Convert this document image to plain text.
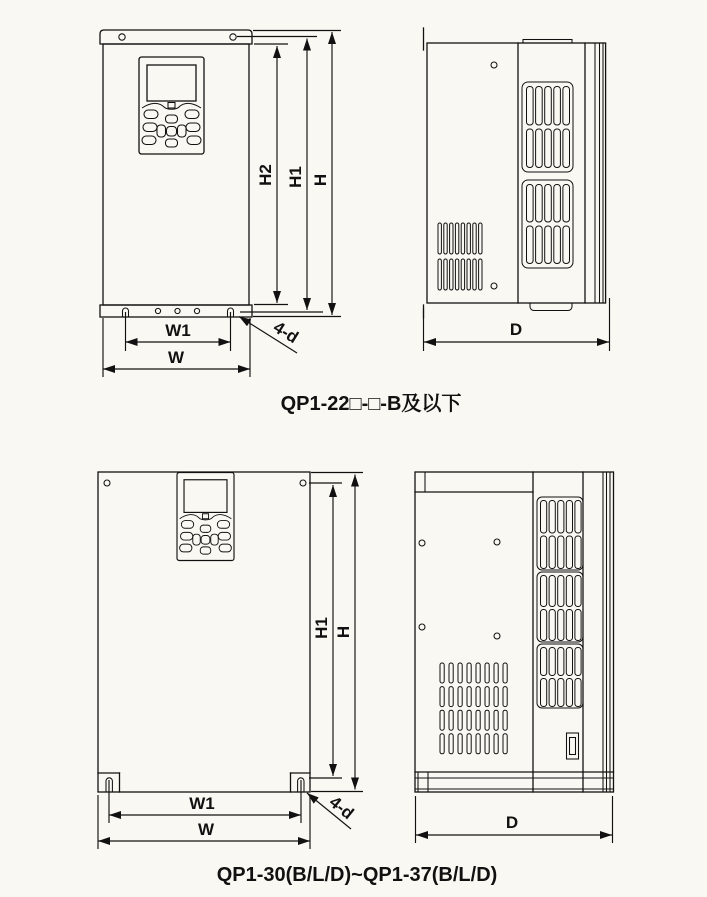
H2 H1 H
W1
W
4-d	D
QP1-22□-□-B及以下
H1 H
W1
W
4-d	D
QP1-30(B/L/D)~QP1-37(B/L/D)
